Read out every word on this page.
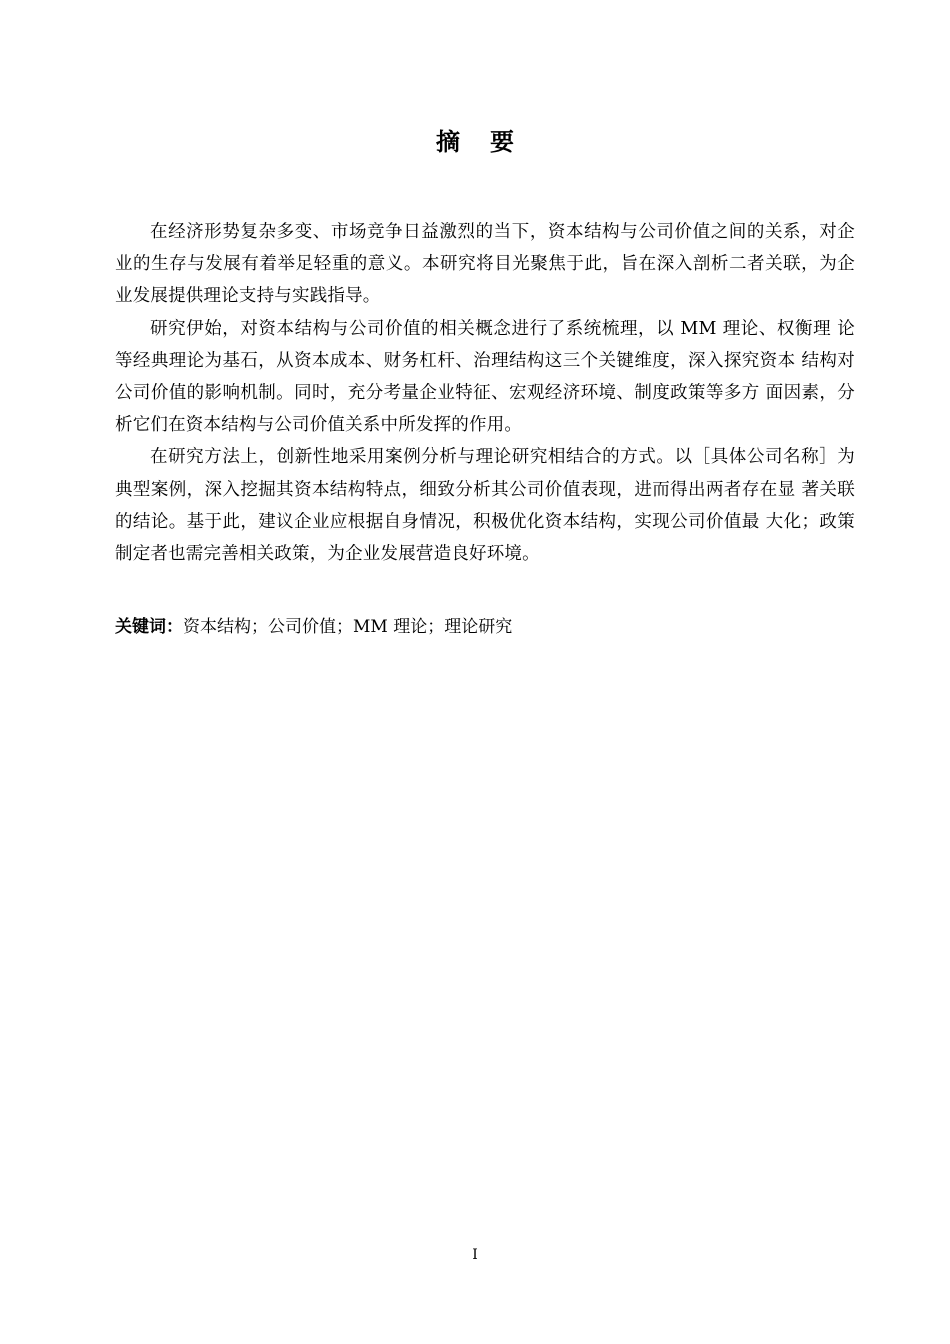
摘要

在经济形势复杂多变、市场竞争日益激烈的当下，资本结构与公司价值之间的关系，对企业的生存与发展有着举足轻重的意义。本研究将目光聚焦于此，旨在深入剖析二者关联，为企业发展提供理论支持与实践指导。

研究伊始，对资本结构与公司价值的相关概念进行了系统梳理，以 MM 理论、权衡理 论等经典理论为基石，从资本成本、财务杠杆、治理结构这三个关键维度，深入探究资本 结构对公司价值的影响机制。同时，充分考量企业特征、宏观经济环境、制度政策等多方 面因素，分析它们在资本结构与公司价值关系中所发挥的作用。

在研究方法上，创新性地采用案例分析与理论研究相结合的方式。以［具体公司名称］为典型案例，深入挖掘其资本结构特点，细致分析其公司价值表现，进而得出两者存在显 著关联的结论。基于此，建议企业应根据自身情况，积极优化资本结构，实现公司价值最 大化；政策制定者也需完善相关政策，为企业发展营造良好环境。

关键词：资本结构；公司价值；MM 理论；理论研究
I
